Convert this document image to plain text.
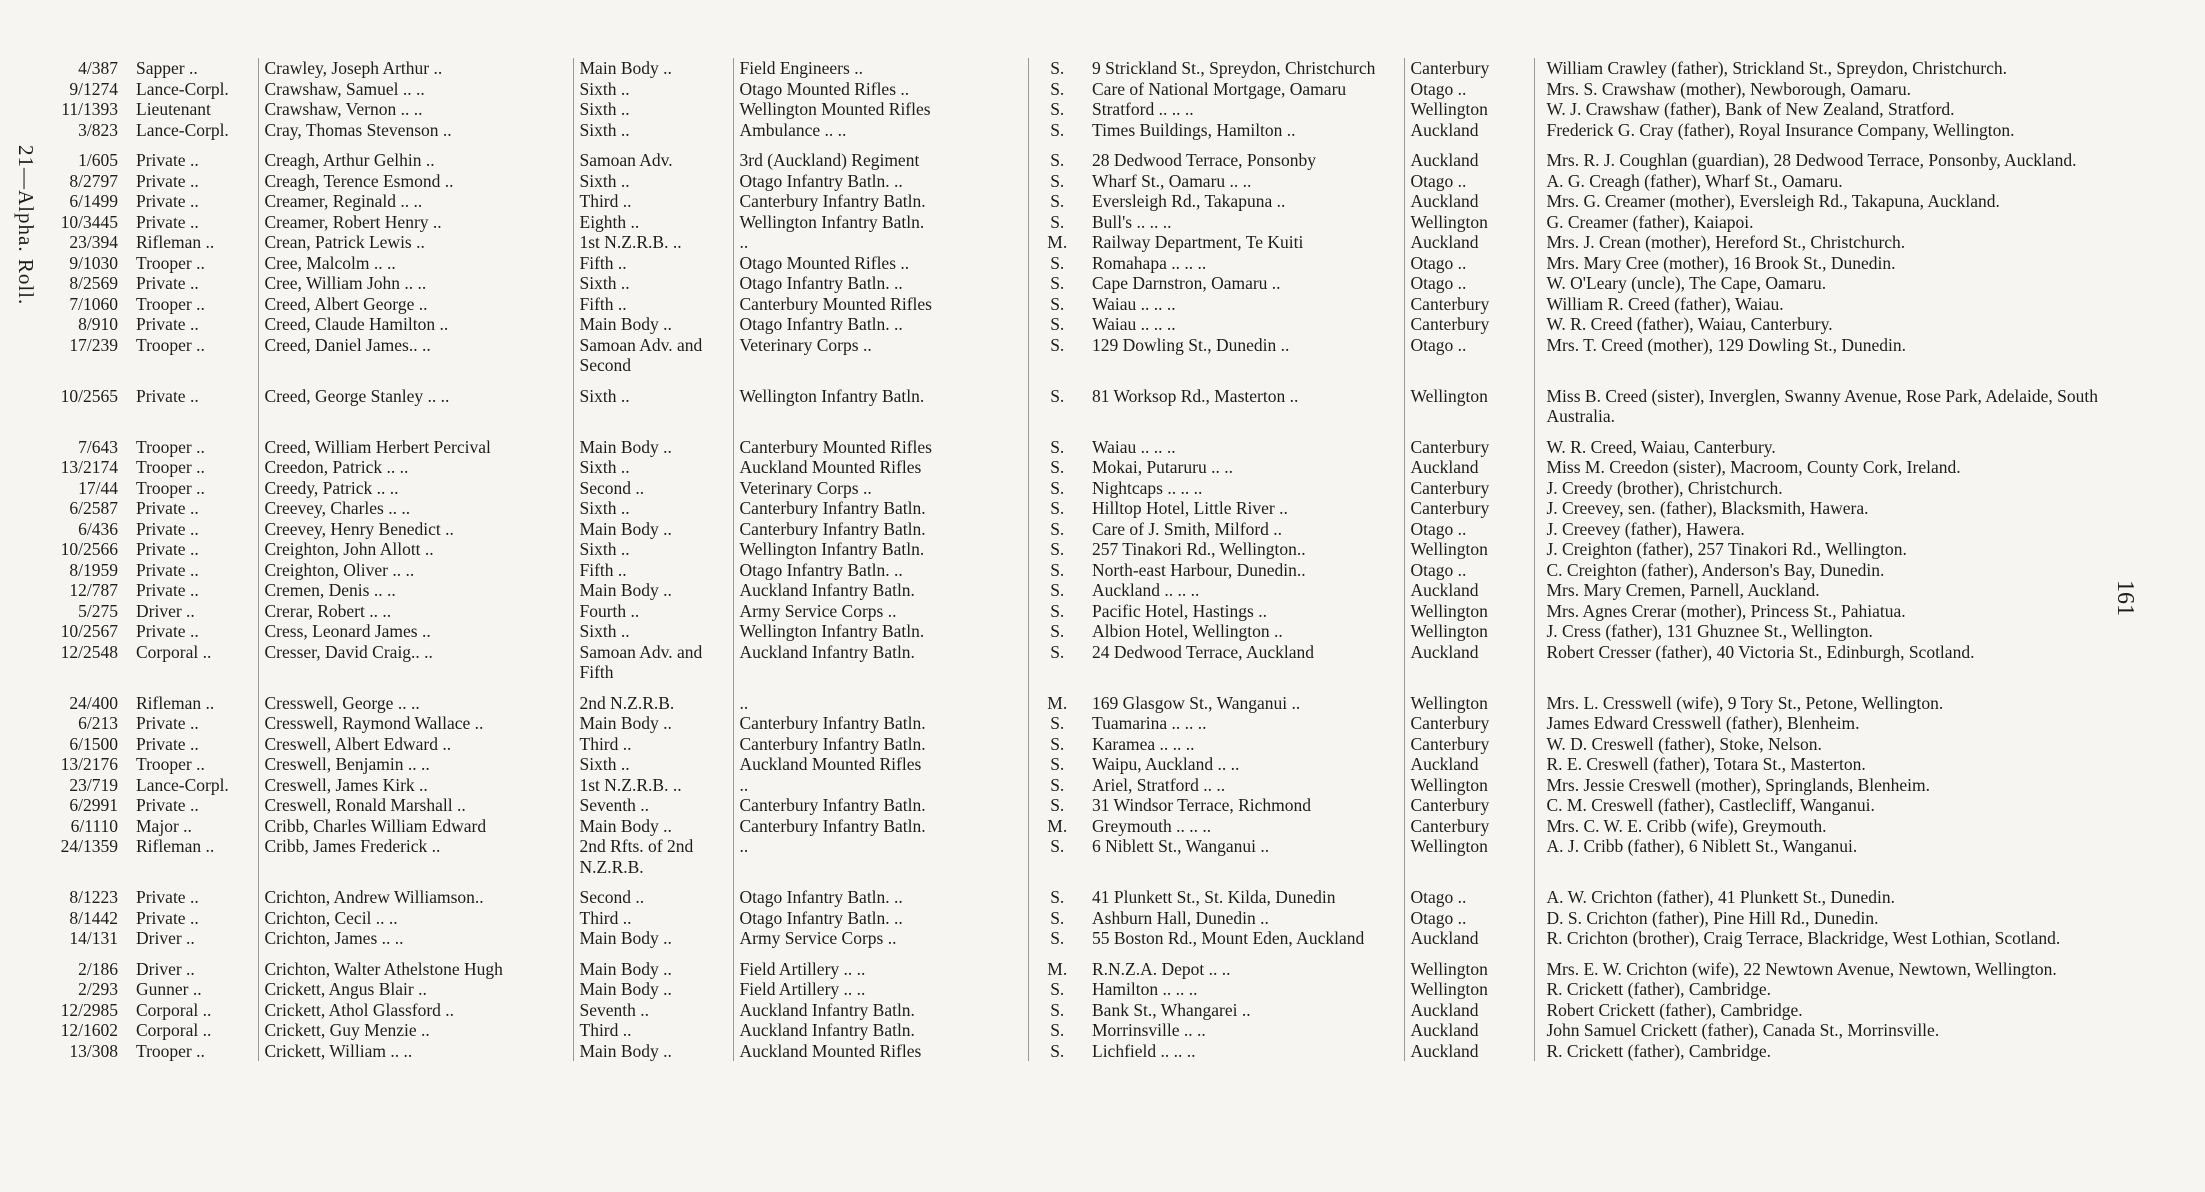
21—Alpha. Roll.
161
4/387	Sapper ..	Crawley, Joseph Arthur ..	Main Body ..	Field Engineers ..	S.	9 Strickland St., Spreydon, Christchurch	Canterbury	William Crawley (father), Strickland St., Spreydon, Christchurch.
9/1274	Lance-Corpl.	Crawshaw, Samuel .. ..	Sixth ..	Otago Mounted Rifles ..	S.	Care of National Mortgage, Oamaru	Otago ..	Mrs. S. Crawshaw (mother), Newborough, Oamaru.
11/1393	Lieutenant	Crawshaw, Vernon .. ..	Sixth ..	Wellington Mounted Rifles	S.	Stratford .. .. ..	Wellington	W. J. Crawshaw (father), Bank of New Zealand, Stratford.
3/823	Lance-Corpl.	Cray, Thomas Stevenson ..	Sixth ..	Ambulance .. ..	S.	Times Buildings, Hamilton ..	Auckland	Frederick G. Cray (father), Royal Insurance Company, Wellington.
1/605	Private ..	Creagh, Arthur Gelhin ..	Samoan Adv.	3rd (Auckland) Regiment	S.	28 Dedwood Terrace, Ponsonby	Auckland	Mrs. R. J. Coughlan (guardian), 28 Dedwood Terrace, Ponsonby, Auckland.
8/2797	Private ..	Creagh, Terence Esmond ..	Sixth ..	Otago Infantry Batln. ..	S.	Wharf St., Oamaru .. ..	Otago ..	A. G. Creagh (father), Wharf St., Oamaru.
6/1499	Private ..	Creamer, Reginald .. ..	Third ..	Canterbury Infantry Batln.	S.	Eversleigh Rd., Takapuna ..	Auckland	Mrs. G. Creamer (mother), Eversleigh Rd., Takapuna, Auckland.
10/3445	Private ..	Creamer, Robert Henry ..	Eighth ..	Wellington Infantry Batln.	S.	Bull's .. .. ..	Wellington	G. Creamer (father), Kaiapoi.
23/394	Rifleman ..	Crean, Patrick Lewis ..	1st N.Z.R.B. ..	..	M.	Railway Department, Te Kuiti	Auckland	Mrs. J. Crean (mother), Hereford St., Christchurch.
9/1030	Trooper ..	Cree, Malcolm .. ..	Fifth ..	Otago Mounted Rifles ..	S.	Romahapa .. .. ..	Otago ..	Mrs. Mary Cree (mother), 16 Brook St., Dunedin.
8/2569	Private ..	Cree, William John .. ..	Sixth ..	Otago Infantry Batln. ..	S.	Cape Darnstron, Oamaru ..	Otago ..	W. O'Leary (uncle), The Cape, Oamaru.
7/1060	Trooper ..	Creed, Albert George ..	Fifth ..	Canterbury Mounted Rifles	S.	Waiau .. .. ..	Canterbury	William R. Creed (father), Waiau.
8/910	Private ..	Creed, Claude Hamilton ..	Main Body ..	Otago Infantry Batln. ..	S.	Waiau .. .. ..	Canterbury	W. R. Creed (father), Waiau, Canterbury.
17/239	Trooper ..	Creed, Daniel James.. ..	Samoan Adv. and Second	Veterinary Corps ..	S.	129 Dowling St., Dunedin ..	Otago ..	Mrs. T. Creed (mother), 129 Dowling St., Dunedin.
10/2565	Private ..	Creed, George Stanley .. ..	Sixth ..	Wellington Infantry Batln.	S.	81 Worksop Rd., Masterton ..	Wellington	Miss B. Creed (sister), Inverglen, Swanny Avenue, Rose Park, Adelaide, South Australia.
7/643	Trooper ..	Creed, William Herbert Percival	Main Body ..	Canterbury Mounted Rifles	S.	Waiau .. .. ..	Canterbury	W. R. Creed, Waiau, Canterbury.
13/2174	Trooper ..	Creedon, Patrick .. ..	Sixth ..	Auckland Mounted Rifles	S.	Mokai, Putaruru .. ..	Auckland	Miss M. Creedon (sister), Macroom, County Cork, Ireland.
17/44	Trooper ..	Creedy, Patrick .. ..	Second ..	Veterinary Corps ..	S.	Nightcaps .. .. ..	Canterbury	J. Creedy (brother), Christchurch.
6/2587	Private ..	Creevey, Charles .. ..	Sixth ..	Canterbury Infantry Batln.	S.	Hilltop Hotel, Little River ..	Canterbury	J. Creevey, sen. (father), Blacksmith, Hawera.
6/436	Private ..	Creevey, Henry Benedict ..	Main Body ..	Canterbury Infantry Batln.	S.	Care of J. Smith, Milford ..	Otago ..	J. Creevey (father), Hawera.
10/2566	Private ..	Creighton, John Allott ..	Sixth ..	Wellington Infantry Batln.	S.	257 Tinakori Rd., Wellington..	Wellington	J. Creighton (father), 257 Tinakori Rd., Wellington.
8/1959	Private ..	Creighton, Oliver .. ..	Fifth ..	Otago Infantry Batln. ..	S.	North-east Harbour, Dunedin..	Otago ..	C. Creighton (father), Anderson's Bay, Dunedin.
12/787	Private ..	Cremen, Denis .. ..	Main Body ..	Auckland Infantry Batln.	S.	Auckland .. .. ..	Auckland	Mrs. Mary Cremen, Parnell, Auckland.
5/275	Driver ..	Crerar, Robert .. ..	Fourth ..	Army Service Corps ..	S.	Pacific Hotel, Hastings ..	Wellington	Mrs. Agnes Crerar (mother), Princess St., Pahiatua.
10/2567	Private ..	Cress, Leonard James ..	Sixth ..	Wellington Infantry Batln.	S.	Albion Hotel, Wellington ..	Wellington	J. Cress (father), 131 Ghuznee St., Wellington.
12/2548	Corporal ..	Cresser, David Craig.. ..	Samoan Adv. and Fifth	Auckland Infantry Batln.	S.	24 Dedwood Terrace, Auckland	Auckland	Robert Cresser (father), 40 Victoria St., Edinburgh, Scotland.
24/400	Rifleman ..	Cresswell, George .. ..	2nd N.Z.R.B.	..	M.	169 Glasgow St., Wanganui ..	Wellington	Mrs. L. Cresswell (wife), 9 Tory St., Petone, Wellington.
6/213	Private ..	Cresswell, Raymond Wallace ..	Main Body ..	Canterbury Infantry Batln.	S.	Tuamarina .. .. ..	Canterbury	James Edward Cresswell (father), Blenheim.
6/1500	Private ..	Creswell, Albert Edward ..	Third ..	Canterbury Infantry Batln.	S.	Karamea .. .. ..	Canterbury	W. D. Creswell (father), Stoke, Nelson.
13/2176	Trooper ..	Creswell, Benjamin .. ..	Sixth ..	Auckland Mounted Rifles	S.	Waipu, Auckland .. ..	Auckland	R. E. Creswell (father), Totara St., Masterton.
23/719	Lance-Corpl.	Creswell, James Kirk ..	1st N.Z.R.B. ..	..	S.	Ariel, Stratford .. ..	Wellington	Mrs. Jessie Creswell (mother), Springlands, Blenheim.
6/2991	Private ..	Creswell, Ronald Marshall ..	Seventh ..	Canterbury Infantry Batln.	S.	31 Windsor Terrace, Richmond	Canterbury	C. M. Creswell (father), Castlecliff, Wanganui.
6/1110	Major ..	Cribb, Charles William Edward	Main Body ..	Canterbury Infantry Batln.	M.	Greymouth .. .. ..	Canterbury	Mrs. C. W. E. Cribb (wife), Greymouth.
24/1359	Rifleman ..	Cribb, James Frederick ..	2nd Rfts. of 2nd N.Z.R.B.	..	S.	6 Niblett St., Wanganui ..	Wellington	A. J. Cribb (father), 6 Niblett St., Wanganui.
8/1223	Private ..	Crichton, Andrew Williamson..	Second ..	Otago Infantry Batln. ..	S.	41 Plunkett St., St. Kilda, Dunedin	Otago ..	A. W. Crichton (father), 41 Plunkett St., Dunedin.
8/1442	Private ..	Crichton, Cecil .. ..	Third ..	Otago Infantry Batln. ..	S.	Ashburn Hall, Dunedin ..	Otago ..	D. S. Crichton (father), Pine Hill Rd., Dunedin.
14/131	Driver ..	Crichton, James .. ..	Main Body ..	Army Service Corps ..	S.	55 Boston Rd., Mount Eden, Auckland	Auckland	R. Crichton (brother), Craig Terrace, Blackridge, West Lothian, Scotland.
2/186	Driver ..	Crichton, Walter Athelstone Hugh	Main Body ..	Field Artillery .. ..	M.	R.N.Z.A. Depot .. ..	Wellington	Mrs. E. W. Crichton (wife), 22 Newtown Avenue, Newtown, Wellington.
2/293	Gunner ..	Crickett, Angus Blair ..	Main Body ..	Field Artillery .. ..	S.	Hamilton .. .. ..	Wellington	R. Crickett (father), Cambridge.
12/2985	Corporal ..	Crickett, Athol Glassford ..	Seventh ..	Auckland Infantry Batln.	S.	Bank St., Whangarei ..	Auckland	Robert Crickett (father), Cambridge.
12/1602	Corporal ..	Crickett, Guy Menzie ..	Third ..	Auckland Infantry Batln.	S.	Morrinsville .. ..	Auckland	John Samuel Crickett (father), Canada St., Morrinsville.
13/308	Trooper ..	Crickett, William .. ..	Main Body ..	Auckland Mounted Rifles	S.	Lichfield .. .. ..	Auckland	R. Crickett (father), Cambridge.
